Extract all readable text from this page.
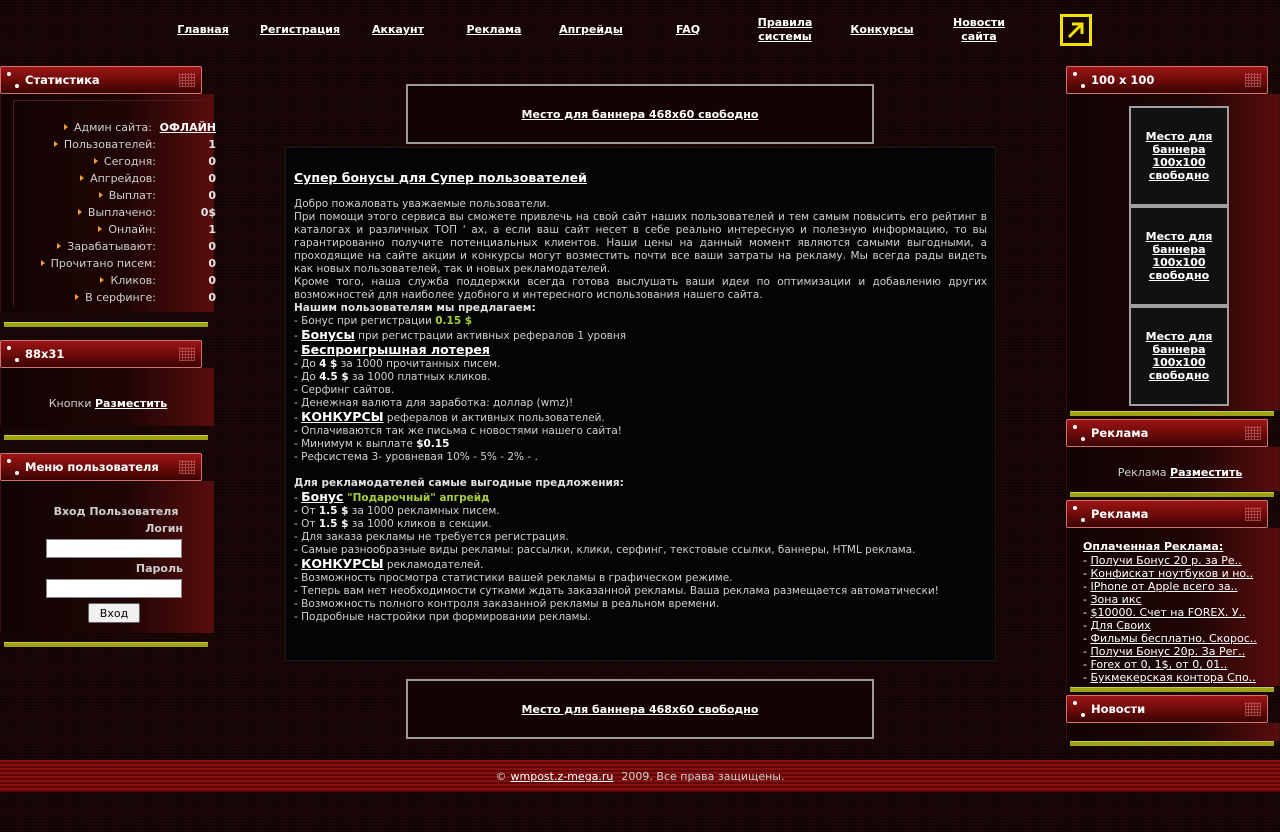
Главная	Регистрация	Аккаунт	Реклама	Апгрейды	FAQ
Правила системы
Конкурсы
Новости сайта
Статистика
Админ сайта: ОФЛАЙН
Пользователей:	1
Сегодня:	0
Апгрейдов:	0
Выплат:	0
Выплачено:	0$
Онлайн:	1
Зарабатывают:	0
Прочитано писем:	0
Кликов:	0
В серфинге:	0
88x31
Кнопки Разместить
Меню пользователя
Вход Пользователя
Логин
Пароль
Вход
Место для баннера 468x60 свободно
Место для баннера 468x60 свободно
Супер бонусы для Супер пользователей
Добро пожаловать уважаемые пользователи.
При помощи этого сервиса вы сможете привлечь на свой сайт наших пользователей и тем самым повысить его рейтинг в каталогах и различных ТОП ' ах, а если ваш сайт несет в себе реально интересную и полезную информацию, то вы гарантированно получите потенциальных клиентов. Наши цены на данный момент являются самыми выгодными, а проходящие на сайте акции и конкурсы могут возместить почти все ваши затраты на рекламу. Мы всегда рады видеть как новых пользователей, так и новых рекламодателей.
Кроме того, наша служба поддержки всегда готова выслушать ваши идеи по оптимизации и добавлению других возможностей для наиболее удобного и интересного использования нашего сайта.
Нашим пользователям мы предлагаем:
- Бонус при регистрации 0.15 $
- Бонусы при регистрации активных рефералов 1 уровня
- Беспроигрышная лотерея
- До 4 $ за 1000 прочитанных писем.
- До 4.5 $ за 1000 платных кликов.
- Серфинг сайтов.
- Денежная валюта для заработка: доллар (wmz)!
- КОНКУРСЫ рефералов и активных пользователей.
- Оплачиваются так же письма с новостями нашего сайта!
- Минимум к выплате $0.15
- Рефсистема 3- уровневая 10% - 5% - 2% - .
Для рекламодателей самые выгодные предложения:
- Бонус "Подарочный" апгрейд
- От 1.5 $ за 1000 рекламных писем.
- От 1.5 $ за 1000 кликов в секции.
- Для заказа рекламы не требуется регистрация.
- Самые разнообразные виды рекламы: рассылки, клики, серфинг, текстовые ссылки, баннеры, HTML реклама.
- КОНКУРСЫ рекламодателей.
- Возможность просмотра статистики вашей рекламы в графическом режиме.
- Теперь вам нет необходимости сутками ждать заказанной рекламы. Ваша реклама размещается автоматически!
- Возможность полного контроля заказанной рекламы в реальном времени.
- Подробные настройки при формировании рекламы.
100 x 100
Место для баннера 100x100 свободно
Место для баннера 100x100 свободно
Место для баннера 100x100 свободно
Реклама
Реклама Разместить
Реклама
Оплаченная Реклама:
- Получи Бонус 20 р. за Ре..
- Конфискат ноутбуков и но..
- IPhone от Apple всего за..
- Зона икс
- $10000. Счет на FOREX. У..
- Для Своих
- Фильмы бесплатно. Скорос..
- Получи Бонус 20р. За Рег..
- Forex от 0, 1$, от 0, 01..
- Букмекерская контора Спо..
Новости
© wmpost.z-mega.ru 2009. Все права защищены.
